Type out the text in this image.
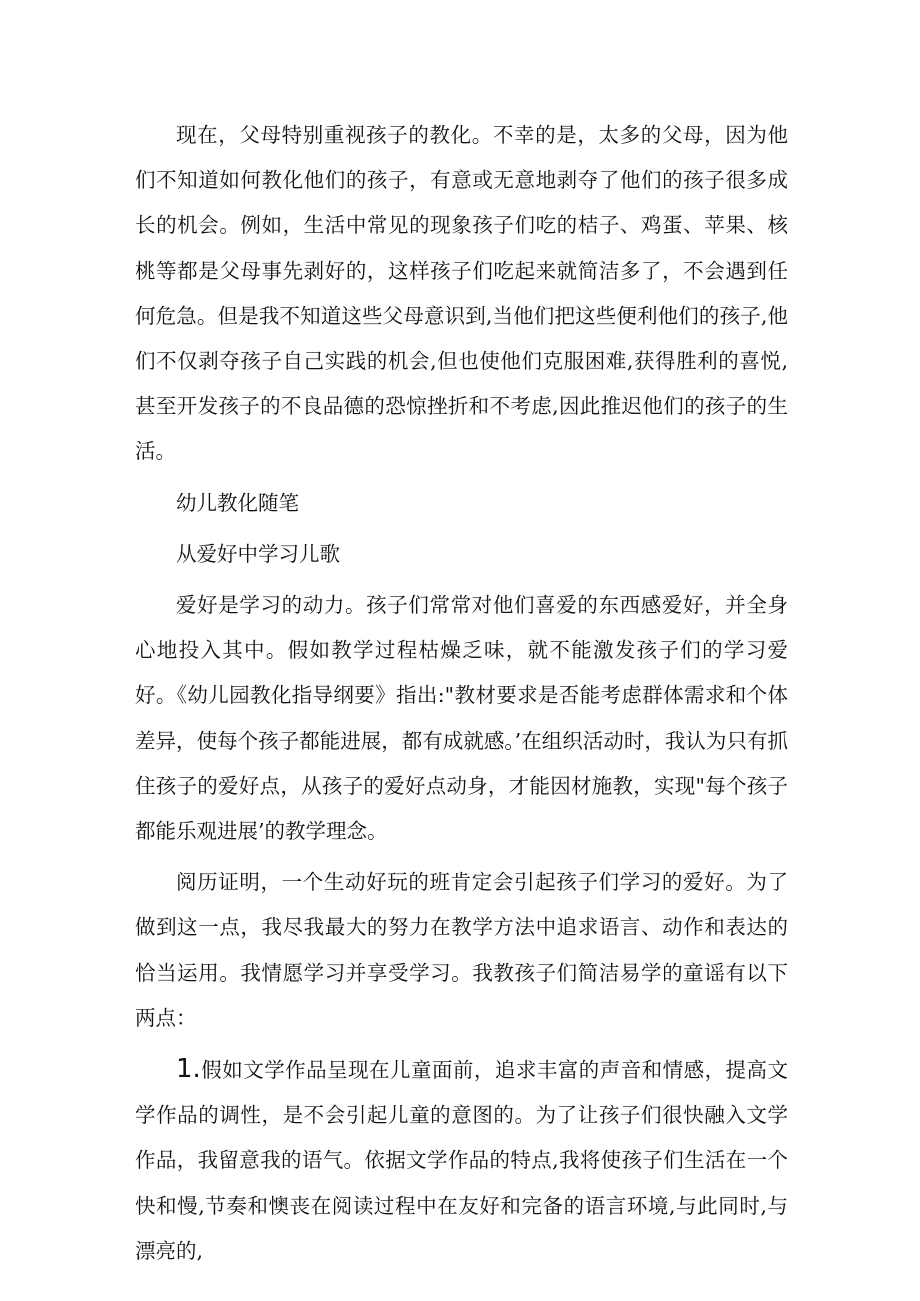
现在，父母特别重视孩子的教化。不幸的是，太多的父母，因为他们不知道如何教化他们的孩子，有意或无意地剥夺了他们的孩子很多成长的机会。例如，生活中常见的现象孩子们吃的桔子、鸡蛋、苹果、核桃等都是父母事先剥好的，这样孩子们吃起来就简洁多了，不会遇到任何危急。但是我不知道这些父母意识到,当他们把这些便利他们的孩子,他们不仅剥夺孩子自己实践的机会,但也使他们克服困难,获得胜利的喜悦,甚至开发孩子的不良品德的恐惊挫折和不考虑,因此推迟他们的孩子的生活。

幼儿教化随笔

从爱好中学习儿歌

爱好是学习的动力。孩子们常常对他们喜爱的东西感爱好，并全身心地投入其中。假如教学过程枯燥乏味，就不能激发孩子们的学习爱好。《幼儿园教化指导纲要》指出:"教材要求是否能考虑群体需求和个体差异，使每个孩子都能进展，都有成就感。’在组织活动时，我认为只有抓住孩子的爱好点，从孩子的爱好点动身，才能因材施教，实现"每个孩子都能乐观进展’的教学理念。

阅历证明，一个生动好玩的班肯定会引起孩子们学习的爱好。为了做到这一点，我尽我最大的努力在教学方法中追求语言、动作和表达的恰当运用。我情愿学习并享受学习。我教孩子们简洁易学的童谣有以下两点：

1.假如文学作品呈现在儿童面前，追求丰富的声音和情感，提高文学作品的调性，是不会引起儿童的意图的。为了让孩子们很快融入文学作品，我留意我的语气。依据文学作品的特点,我将使孩子们生活在一个快和慢,节奏和懊丧在阅读过程中在友好和完备的语言环境,与此同时,与漂亮的,
